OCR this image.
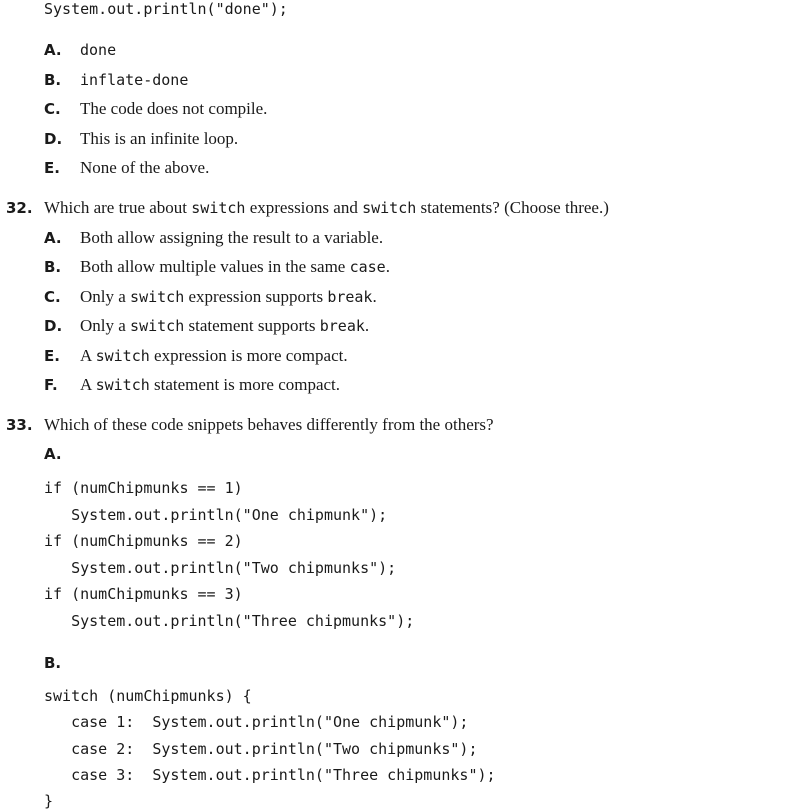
System.out.println("done");
A. done
B. inflate-done
C. The code does not compile.
D. This is an infinite loop.
E. None of the above.
32. Which are true about switch expressions and switch statements? (Choose three.)
A. Both allow assigning the result to a variable.
B. Both allow multiple values in the same case.
C. Only a switch expression supports break.
D. Only a switch statement supports break.
E. A switch expression is more compact.
F. A switch statement is more compact.
33. Which of these code snippets behaves differently from the others?
A.
if (numChipmunks == 1)
System.out.println("One chipmunk");
if (numChipmunks == 2)
System.out.println("Two chipmunks");
if (numChipmunks == 3)
System.out.println("Three chipmunks");
B.
switch (numChipmunks) {
case 1:  System.out.println("One chipmunk");
case 2:  System.out.println("Two chipmunks");
case 3:  System.out.println("Three chipmunks");
}
